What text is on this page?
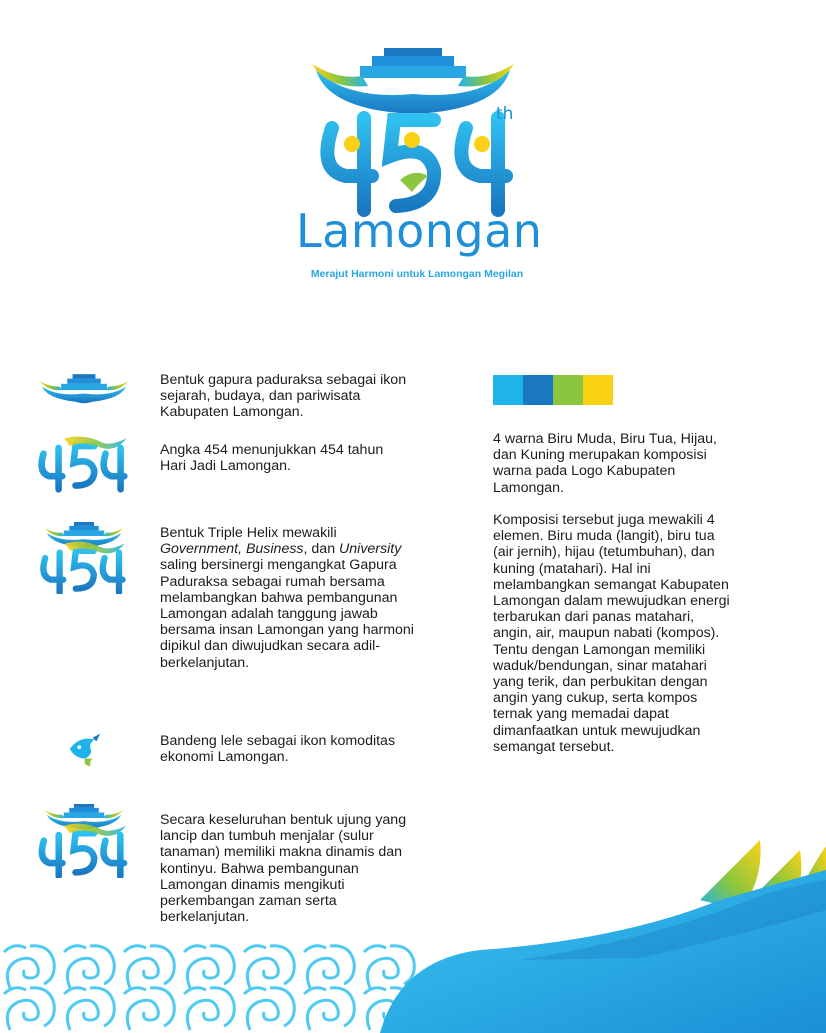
th
Lamongan
Merajut Harmoni untuk Lamongan Megilan
Bentuk gapura paduraksa sebagai ikon sejarah, budaya, dan pariwisata Kabupaten Lamongan.
Angka 454 menunjukkan 454 tahun Hari Jadi Lamongan.
Bentuk Triple Helix mewakili Government, Business, dan University saling bersinergi mengangkat Gapura Paduraksa sebagai rumah bersama melambangkan bahwa pembangunan Lamongan adalah tanggung jawab bersama insan Lamongan yang harmoni dipikul dan diwujudkan secara adil-berkelanjutan.
Bandeng lele sebagai ikon komoditas ekonomi Lamongan.
Secara keseluruhan bentuk ujung yang lancip dan tumbuh menjalar (sulur tanaman) memiliki makna dinamis dan kontinyu. Bahwa pembangunan Lamongan dinamis mengikuti perkembangan zaman serta berkelanjutan.
4 warna Biru Muda, Biru Tua, Hijau, dan Kuning merupakan komposisi warna pada Logo Kabupaten Lamongan.
Komposisi tersebut juga mewakili 4 elemen. Biru muda (langit), biru tua (air jernih), hijau (tetumbuhan), dan kuning (matahari). Hal ini melambangkan semangat Kabupaten Lamongan dalam mewujudkan energi terbarukan dari panas matahari, angin, air, maupun nabati (kompos). Tentu dengan Lamongan memiliki waduk/bendungan, sinar matahari yang terik, dan perbukitan dengan angin yang cukup, serta kompos ternak yang memadai dapat dimanfaatkan untuk mewujudkan semangat tersebut.
